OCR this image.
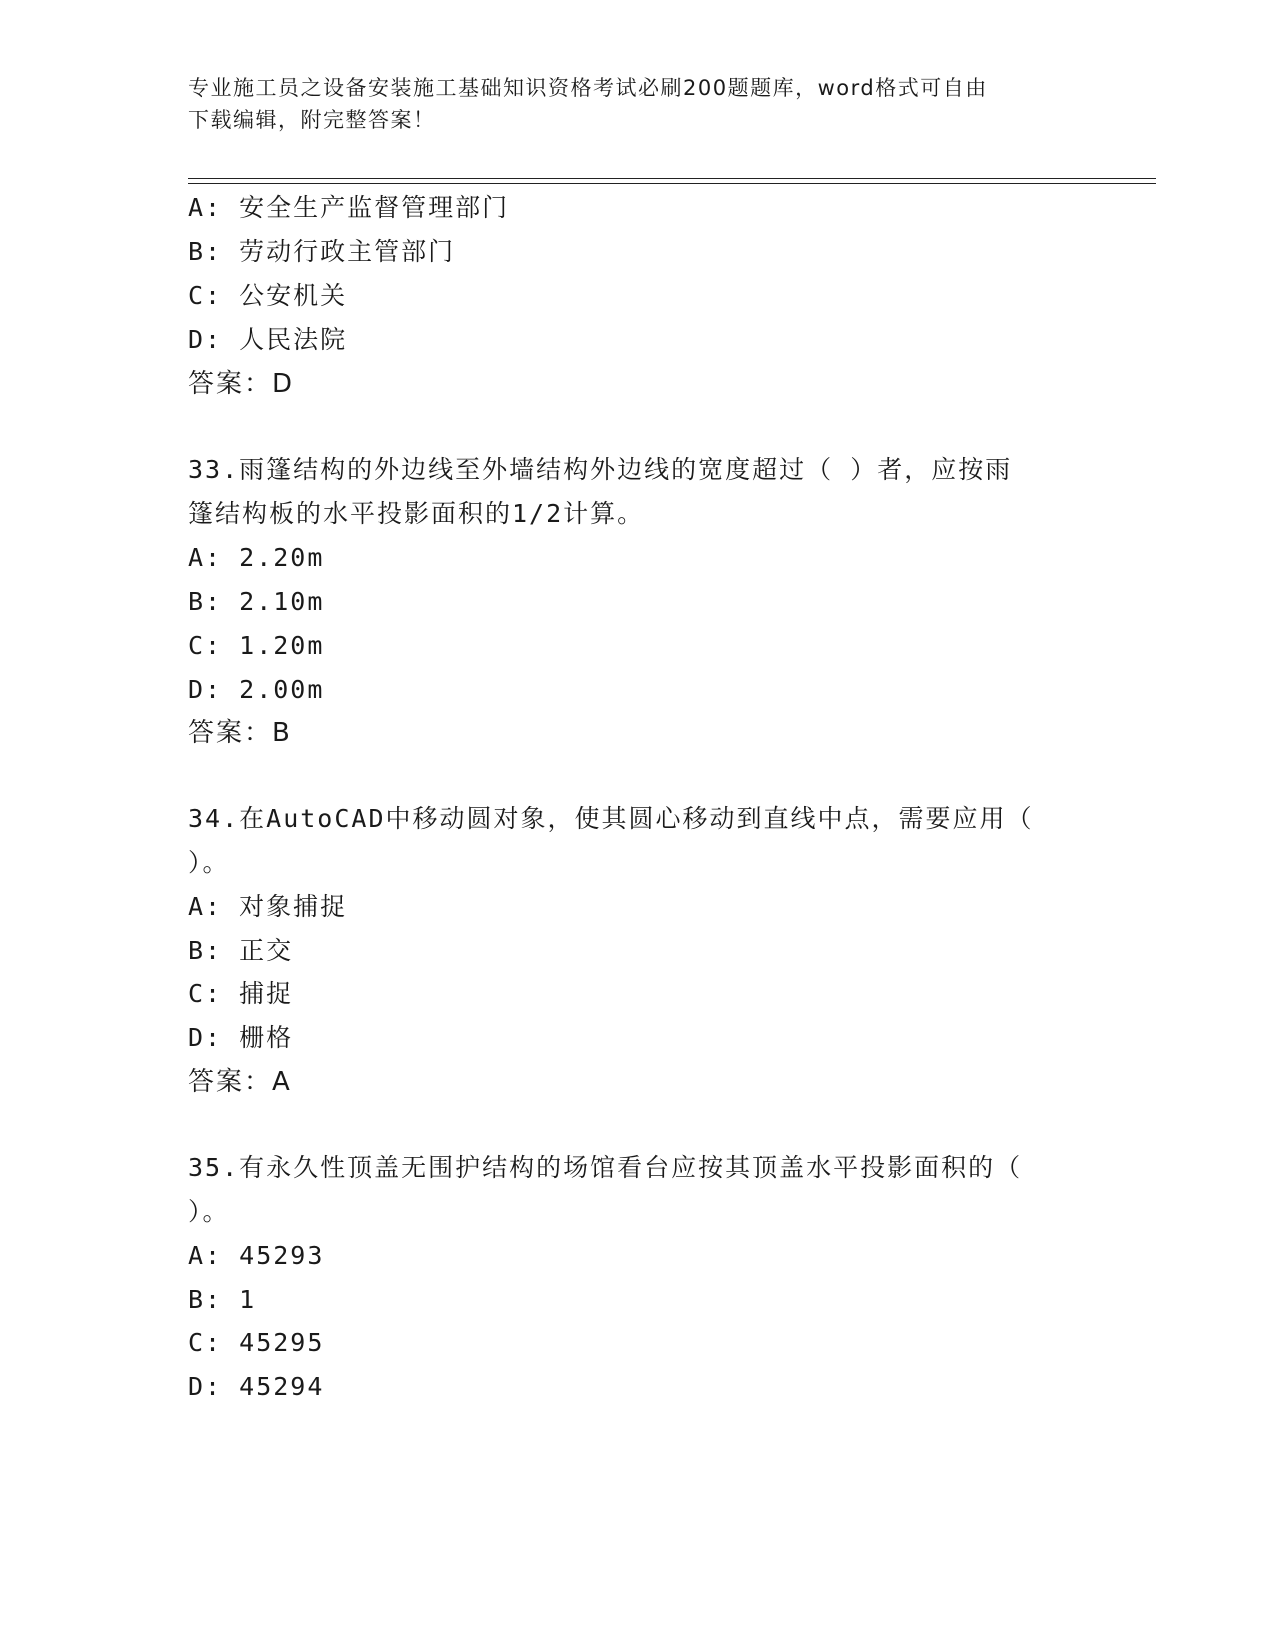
专业施工员之设备安装施工基础知识资格考试必刷200题题库，word格式可自由
下载编辑，附完整答案！
A: 安全生产监督管理部门
B: 劳动行政主管部门
C: 公安机关
D: 人民法院
答案：D
33.雨篷结构的外边线至外墙结构外边线的宽度超过（ ）者，应按雨
篷结构板的水平投影面积的1/2计算。
A: 2.20m
B: 2.10m
C: 1.20m
D: 2.00m
答案：B
34.在AutoCAD中移动圆对象，使其圆心移动到直线中点，需要应用（
）。
A: 对象捕捉
B: 正交
C: 捕捉
D: 栅格
答案：A
35.有永久性顶盖无围护结构的场馆看台应按其顶盖水平投影面积的（
）。
A: 45293
B: 1
C: 45295
D: 45294
